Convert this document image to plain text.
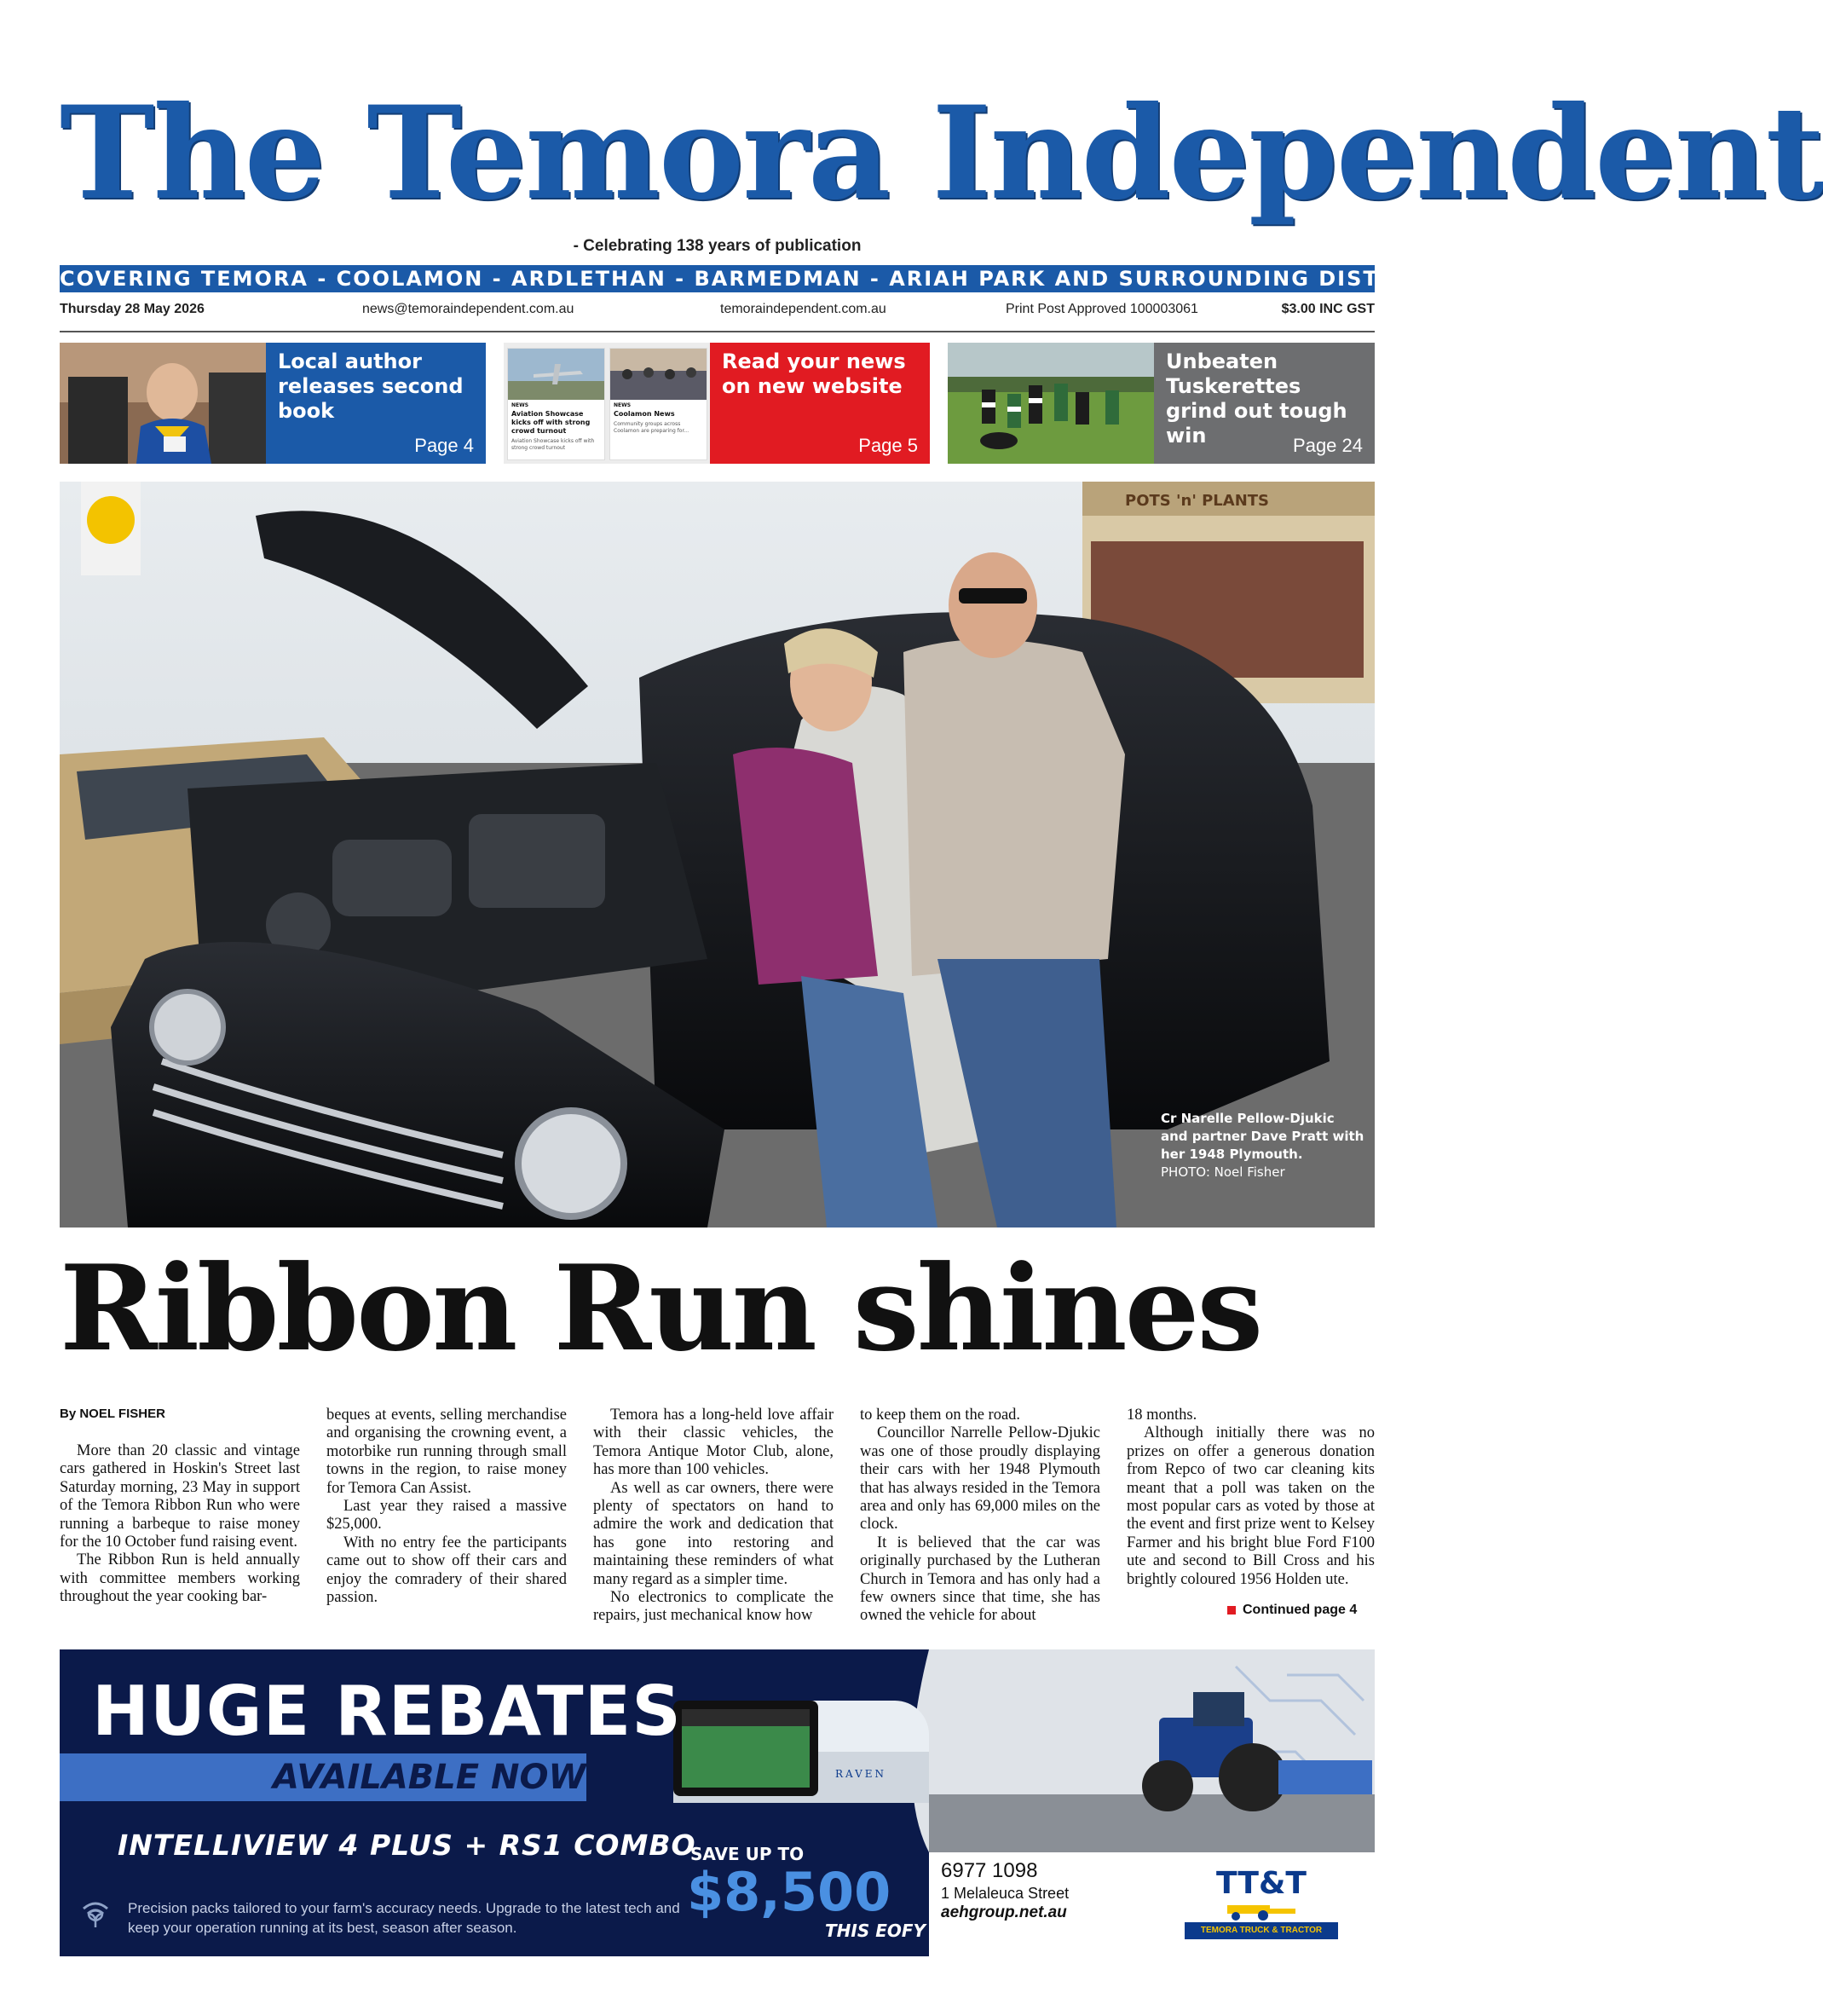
The Temora Independent
- Celebrating 138 years of publication
COVERING TEMORA - COOLAMON - ARDLETHAN - BARMEDMAN - ARIAH PARK AND SURROUNDING DISTRICTS
Thursday 28 May 2026	news@temoraindependent.com.au	temoraindependent.com.au	Print Post Approved 100003061	$3.00 INC GST
Local author releases second book
Page 4
NEWS
Aviation Showcase kicks off with strong crowd turnout
Aviation Showcase kicks off with strong crowd turnout
NEWS
Coolamon News
Community groups across Coolamon are preparing for...
Read your news on new website
Page 5
Unbeaten Tuskerettes grind out tough win	Page 24
POTS 'n' PLANTS
Cr Narelle Pellow-Djukic and partner Dave Pratt with her 1948 Plymouth.
PHOTO: Noel Fisher
Ribbon Run shines
By NOEL FISHER

More than 20 classic and vintage cars gathered in Hoskin's Street last Saturday morning, 23 May in support of the Temora Ribbon Run who were running a barbeque to raise money for the 10 October fund raising event.

The Ribbon Run is held annually with committee members working throughout the year cooking bar-

beques at events, selling merchandise and organising the crowning event, a motorbike run running through small towns in the region, to raise money for Temora Can Assist.

Last year they raised a massive $25,000.

With no entry fee the participants came out to show off their cars and enjoy the comradery of their shared passion.

Temora has a long-held love affair with their classic vehicles, the Temora Antique Motor Club, alone, has more than 100 vehicles.

As well as car owners, there were plenty of spectators on hand to admire the work and dedication that has gone into restoring and maintaining these reminders of what many regard as a simpler time.

No electronics to complicate the repairs, just mechanical know how

to keep them on the road.

Councillor Narrelle Pellow-Djukic was one of those proudly displaying their cars with her 1948 Plymouth that has always resided in the Temora area and only has 69,000 miles on the clock.

It is believed that the car was originally purchased by the Lutheran Church in Temora and has only had a few owners since that time, she has owned the vehicle for about

18 months.

Although initially there was no prizes on offer a generous donation from Repco of two car cleaning kits meant that a poll was taken on the most popular cars as voted by those at the event and first prize went to Kelsey Farmer and his bright blue Ford F100 ute and second to Bill Cross and his brightly coloured 1956 Holden ute.

Continued page 4
RAVEN
HUGE REBATES
AVAILABLE NOW
INTELLIVIEW 4 PLUS + RS1 COMBO
Precision packs tailored to your farm's accuracy needs. Upgrade to the latest tech and keep your operation running at its best, season after season.
SAVE UP TO
$8,500
THIS EOFY
6977 1098
1 Melaleuca Street
aehgroup.net.au
TT&T
TEMORA TRUCK & TRACTOR
